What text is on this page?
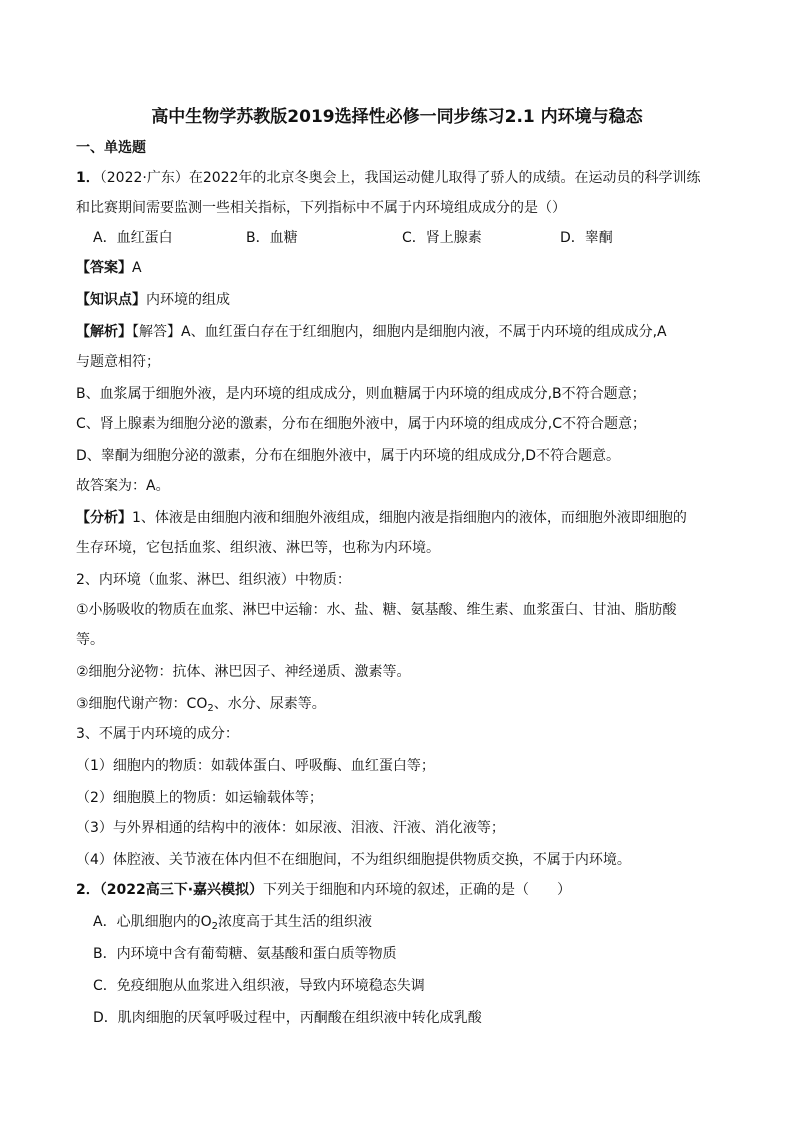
高中生物学苏教版2019选择性必修一同步练习2.1 内环境与稳态
一、单选题
1．（2022·广东）在2022年的北京冬奥会上，我国运动健儿取得了骄人的成绩。在运动员的科学训练
和比赛期间需要监测一些相关指标，下列指标中不属于内环境组成成分的是（）
A．血红蛋白	B．血糖	C．肾上腺素	D．睾酮
【答案】A
【知识点】内环境的组成
【解析】【解答】A、血红蛋白存在于红细胞内，细胞内是细胞内液，不属于内环境的组成成分,A
与题意相符；
B、血浆属于细胞外液，是内环境的组成成分，则血糖属于内环境的组成成分,B不符合题意；
C、肾上腺素为细胞分泌的激素，分布在细胞外液中，属于内环境的组成成分,C不符合题意；
D、睾酮为细胞分泌的激素，分布在细胞外液中，属于内环境的组成成分,D不符合题意。
故答案为：A。
【分析】1、体液是由细胞内液和细胞外液组成，细胞内液是指细胞内的液体，而细胞外液即细胞的
生存环境，它包括血浆、组织液、淋巴等，也称为内环境。
2、内环境（血浆、淋巴、组织液）中物质：
①小肠吸收的物质在血浆、淋巴中运输：水、盐、糖、氨基酸、维生素、血浆蛋白、甘油、脂肪酸
等。
②细胞分泌物：抗体、淋巴因子、神经递质、激素等。
③细胞代谢产物：$CO_2$、水分、尿素等。
3、不属于内环境的成分：
（1）细胞内的物质：如载体蛋白、呼吸酶、血红蛋白等；
（2）细胞膜上的物质：如运输载体等；
（3）与外界相通的结构中的液体：如尿液、泪液、汗液、消化液等；
（4）体腔液、关节液在体内但不在细胞间，不为组织细胞提供物质交换，不属于内环境。
2．（2022高三下·嘉兴模拟）下列关于细胞和内环境的叙述，正确的是（　　）
A．心肌细胞内的$O_2$浓度高于其生活的组织液
B．内环境中含有葡萄糖、氨基酸和蛋白质等物质
C．免疫细胞从血浆进入组织液，导致内环境稳态失调
D．肌肉细胞的厌氧呼吸过程中，丙酮酸在组织液中转化成乳酸
